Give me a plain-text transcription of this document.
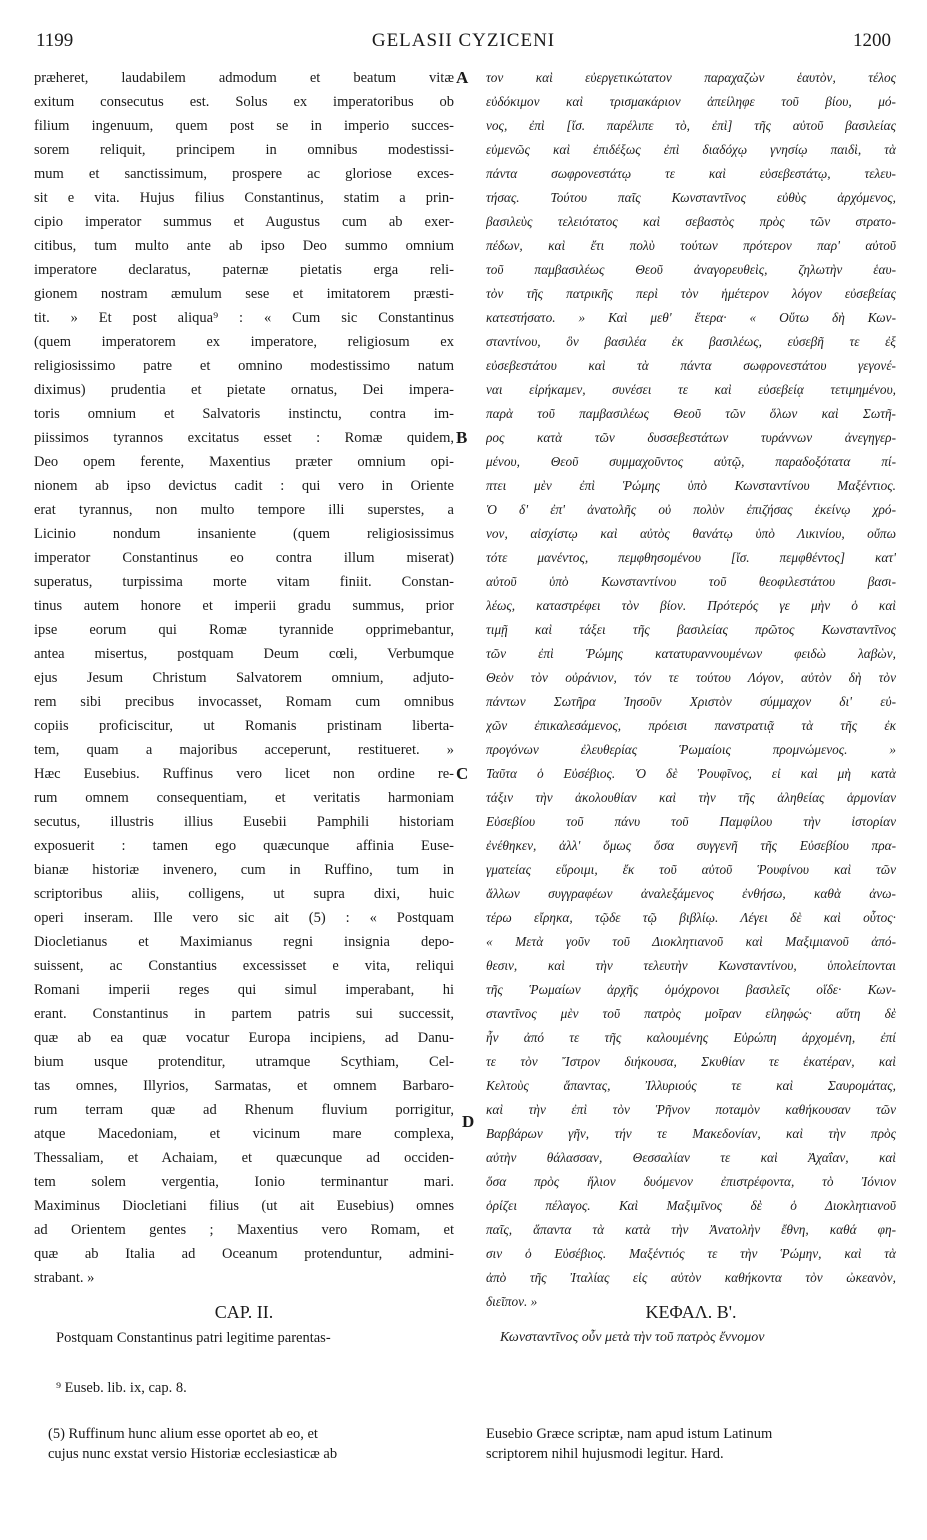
1199	GELASII CYZICENI	1200
præheret, laudabilem admodum et beatum vitæ
exitum consecutus est. Solus ex imperatoribus ob
filium ingenuum, quem post se in imperio succes-
sorem reliquit, principem in omnibus modestissi-
mum et sanctissimum, prospere ac gloriose exces-
sit e vita. Hujus filius Constantinus, statim a prin-
cipio imperator summus et Augustus cum ab exer-
citibus, tum multo ante ab ipso Deo summo omnium
imperatore declaratus, paternæ pietatis erga reli-
gionem nostram æmulum sese et imitatorem præsti-
tit. » Et post aliqua⁹ : « Cum sic Constantinus
(quem imperatorem ex imperatore, religiosum ex
religiosissimo patre et omnino modestissimo natum
diximus) prudentia et pietate ornatus, Dei impera-
toris omnium et Salvatoris instinctu, contra im-
piissimos tyrannos excitatus esset : Romæ quidem,
Deo opem ferente, Maxentius præter omnium opi-
nionem ab ipso devictus cadit : qui vero in Oriente
erat tyrannus, non multo tempore illi superstes, a
Licinio nondum insaniente (quem religiosissimus
imperator Constantinus eo contra illum miserat)
superatus, turpissima morte vitam finiit. Constan-
tinus autem honore et imperii gradu summus, prior
ipse eorum qui Romæ tyrannide opprimebantur,
antea misertus, postquam Deum cœli, Verbumque
ejus Jesum Christum Salvatorem omnium, adjuto-
rem sibi precibus invocasset, Romam cum omnibus
copiis proficiscitur, ut Romanis pristinam liberta-
tem, quam a majoribus acceperunt, restitueret. »
Hæc Eusebius. Ruffinus vero licet non ordine re-
rum omnem consequentiam, et veritatis harmoniam
secutus, illustris illius Eusebii Pamphili historiam
exposuerit : tamen ego quæcunque affinia Euse-
bianæ historiæ invenero, cum in Ruffino, tum in
scriptoribus aliis, colligens, ut supra dixi, huic
operi inseram. Ille vero sic ait (5) : « Postquam
Diocletianus et Maximianus regni insignia depo-
suissent, ac Constantius excessisset e vita, reliqui
Romani imperii reges qui simul imperabant, hi
erant. Constantinus in partem patris sui successit,
quæ ab ea quæ vocatur Europa incipiens, ad Danu-
bium usque protenditur, utramque Scythiam, Cel-
tas omnes, Illyrios, Sarmatas, et omnem Barbaro-
rum terram quæ ad Rhenum fluvium porrigitur,
atque Macedoniam, et vicinum mare complexa,
Thessaliam, et Achaiam, et quæcunque ad occiden-
tem solem vergentia, Ionio terminantur mari.
Maximinus Diocletiani filius (ut ait Eusebius) omnes
ad Orientem gentes ; Maxentius vero Romam, et
quæ ab Italia ad Oceanum protenduntur, admini-
strabant. »
τον καὶ εὐεργετικώτατον παραχαζὼν ἑαυτὸν, τέλος
εὐδόκιμον καὶ τρισμακάριον ἀπείληφε τοῦ βίου, μό-
νος, ἐπὶ [ἴσ. παρέλιπε τὸ, ἐπὶ] τῆς αὐτοῦ βασιλείας
εὐμενῶς καὶ ἐπιδέξως ἐπὶ διαδόχῳ γνησίῳ παιδὶ, τὰ
πάντα σωφρονεστάτῳ τε καὶ εὐσεβεστάτῳ, τελευ-
τήσας. Τούτου παῖς Κωνσταντῖνος εὐθὺς ἀρχόμενος,
βασιλεὺς τελειότατος καὶ σεβαστὸς πρὸς τῶν στρατο-
πέδων, καὶ ἔτι πολὺ τούτων πρότερον παρ' αὐτοῦ
τοῦ παμβασιλέως Θεοῦ ἀναγορευθεὶς, ζηλωτὴν ἑαυ-
τὸν τῆς πατρικῆς περὶ τὸν ἡμέτερον λόγον εὐσεβείας
κατεστήσατο. » Καὶ μεθ' ἕτερα· « Οὕτω δὴ Κων-
σταντίνου, ὃν βασιλέα ἐκ βασιλέως, εὐσεβῆ τε ἐξ
εὐσεβεστάτου καὶ τὰ πάντα σωφρονεστάτου γεγονέ-
ναι εἰρήκαμεν, συνέσει τε καὶ εὐσεβείᾳ τετιμημένου,
παρὰ τοῦ παμβασιλέως Θεοῦ τῶν ὅλων καὶ Σωτῆ-
ρος κατὰ τῶν δυσσεβεστάτων τυράννων ἀνεγηγερ-
μένου, Θεοῦ συμμαχοῦντος αὐτῷ, παραδοξότατα πί-
πτει μὲν ἐπὶ Ῥώμης ὑπὸ Κωνσταντίνου Μαξέντιος.
Ὁ δ' ἐπ' ἀνατολῆς οὐ πολὺν ἐπιζήσας ἐκείνῳ χρό-
νον, αἰσχίστῳ καὶ αὐτὸς θανάτῳ ὑπὸ Λικινίου, οὔπω
τότε μανέντος, πεμφθησομένου [ἴσ. πεμφθέντος] κατ'
αὐτοῦ ὑπὸ Κωνσταντίνου τοῦ θεοφιλεστάτου βασι-
λέως, καταστρέφει τὸν βίον. Πρότερός γε μὴν ὁ καὶ
τιμῇ καὶ τάξει τῆς βασιλείας πρῶτος Κωνσταντῖνος
τῶν ἐπὶ Ῥώμης κατατυραννουμένων φειδὼ λαβὼν,
Θεὸν τὸν οὐράνιον, τόν τε τούτου Λόγον, αὐτὸν δὴ τὸν
πάντων Σωτῆρα Ἰησοῦν Χριστὸν σύμμαχον δι' εὐ-
χῶν ἐπικαλεσάμενος, πρόεισι πανστρατιᾷ τὰ τῆς ἐκ
προγόνων ἐλευθερίας Ῥωμαίοις προμνώμενος. »
Ταῦτα ὁ Εὐσέβιος. Ὁ δὲ Ῥουφῖνος, εἰ καὶ μὴ κατὰ
τάξιν τὴν ἀκολουθίαν καὶ τὴν τῆς ἀληθείας ἁρμονίαν
Εὐσεβίου τοῦ πάνυ τοῦ Παμφίλου τὴν ἱστορίαν
ἐνέθηκεν, ἀλλ' ὅμως ὅσα συγγενῆ τῆς Εὐσεβίου πρα-
γματείας εὕροιμι, ἔκ τοῦ αὐτοῦ Ῥουφίνου καὶ τῶν
ἄλλων συγγραφέων ἀναλεξάμενος ἐνθήσω, καθὰ ἀνω-
τέρω εἴρηκα, τῷδε τῷ βιβλίῳ. Λέγει δὲ καὶ οὗτος·
« Μετὰ γοῦν τοῦ Διοκλητιανοῦ καὶ Μαξιμιανοῦ ἀπό-
θεσιν, καὶ τὴν τελευτὴν Κωνσταντίνου, ὑπολείπονται
τῆς Ῥωμαίων ἀρχῆς ὁμόχρονοι βασιλεῖς οἵδε· Κων-
σταντῖνος μὲν τοῦ πατρὸς μοῖραν εἰληφώς· αὕτη δὲ
ἦν ἀπό τε τῆς καλουμένης Εὐρώπη ἀρχομένη, ἐπί
τε τὸν Ἴστρον διήκουσα, Σκυθίαν τε ἑκατέραν, καὶ
Κελτοὺς ἅπαντας, Ἰλλυριούς τε καὶ Σαυρομάτας,
καὶ τὴν ἐπὶ τὸν Ῥῆνον ποταμὸν καθήκουσαν τῶν
Βαρβάρων γῆν, τήν τε Μακεδονίαν, καὶ τὴν πρὸς
αὐτὴν θάλασσαν, Θεσσαλίαν τε καὶ Ἀχαΐαν, καὶ
ὅσα πρὸς ἥλιον δυόμενον ἐπιστρέφοντα, τὸ Ἰόνιον
ὁρίζει πέλαγος. Καὶ Μαξιμῖνος δὲ ὁ Διοκλητιανοῦ
παῖς, ἅπαντα τὰ κατὰ τὴν Ἀνατολὴν ἔθνη, καθά φη-
σιν ὁ Εὐσέβιος. Μαξέντιός τε τὴν Ῥώμην, καὶ τὰ
ἀπὸ τῆς Ἰταλίας εἰς αὐτὸν καθήκοντα τὸν ὠκεανὸν,
διεῖπον. »
A
B
C
D
CAP. II.	ΚΕΦΑΛ. Β'.
Postquam Constantinus patri legitime parentas-	Κωνσταντῖνος οὖν μετὰ τὴν τοῦ πατρὸς ἔννομον
⁹ Euseb. lib. ix, cap. 8.
(5) Ruffinum hunc alium esse oportet ab eo, et
cujus nunc exstat versio Historiæ ecclesiasticæ ab
Eusebio Græce scriptæ, nam apud istum Latinum
scriptorem nihil hujusmodi legitur. Hard.
